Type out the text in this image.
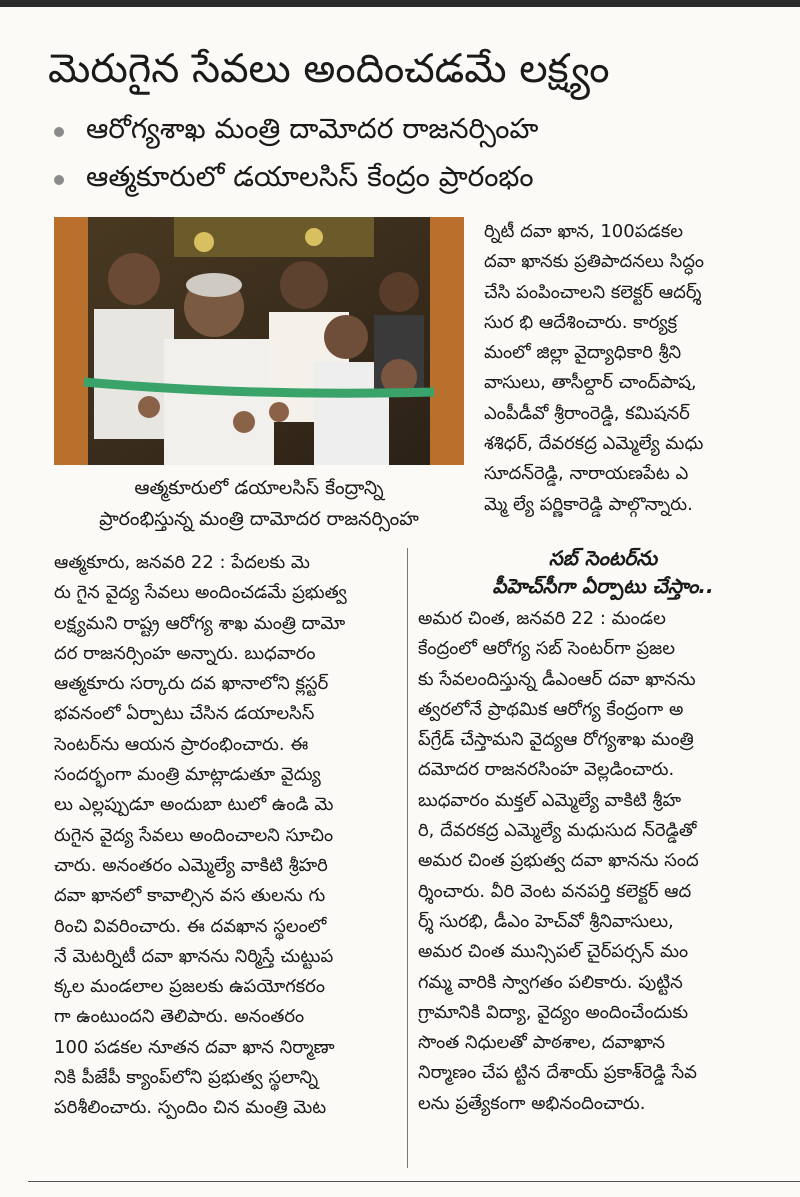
మెరుగైన సేవలు అందించడమే లక్ష్యం
ఆరోగ్యశాఖ మంత్రి దామోదర రాజనర్సింహ
ఆత్మకూరులో డయాలసిస్ కేంద్రం ప్రారంభం

ఆత్మకూరులో డయాలసిస్ కేంద్రాన్ని
ప్రారంభిస్తున్న మంత్రి దామోదర రాజనర్సింహ

ర్నిటీ దవా ఖాన, 100పడకల
దవా ఖానకు ప్రతిపాదనలు సిద్ధం
చేసి పంపించాలని కలెక్టర్ ఆదర్శ్
సుర భి ఆదేశించారు. కార్యక్ర
మంలో జిల్లా వైద్యాధికారి శ్రీని
వాసులు, తాసీల్దార్ చాంద్‌పాష,
ఎంపీడీవో శ్రీరాంరెడ్డి, కమిషనర్
శశిధర్, దేవరకద్ర ఎమ్మెల్యే మధు
సూదన్‌రెడ్డి, నారాయణపేట ఎ
మ్మె ల్యే పర్ణికారెడ్డి పాల్గొన్నారు.

సబ్ సెంటర్‌ను
పీహెచ్‌సీగా ఏర్పాటు చేస్తాం..

ఆత్మకూరు, జనవరి 22 : పేదలకు మె
రు గైన వైద్య సేవలు అందించడమే ప్రభుత్వ
లక్ష్యమని రాష్ట్ర ఆరోగ్య శాఖ మంత్రి దామో
దర రాజనర్సింహ అన్నారు. బుధవారం
ఆత్మకూరు సర్కారు దవ ఖానాలోని క్లస్టర్
భవనంలో ఏర్పాటు చేసిన డయాలసిస్
సెంటర్‌ను ఆయన ప్రారంభించారు. ఈ
సందర్భంగా మంత్రి మాట్లాడుతూ వైద్యు
లు ఎల్లప్పుడూ అందుబా టులో ఉండి మె
రుగైన వైద్య సేవలు అందించాలని సూచిం
చారు. అనంతరం ఎమ్మెల్యే వాకిటి శ్రీహరి
దవా ఖానలో కావాల్సిన వస తులను గు
రించి వివరించారు. ఈ దవఖాన స్థలంలో
నే మెటర్నిటీ దవా ఖానను నిర్మిస్తే చుట్టుప
క్కల మండలాల ప్రజలకు ఉపయోగకరం
గా ఉంటుందని తెలిపారు. అనంతరం
100 పడకల నూతన దవా ఖాన నిర్మాణా
నికి పీజేపీ క్యాంప్‌లోని ప్రభుత్వ స్థలాన్ని
పరిశీలించారు. స్పందిం చిన మంత్రి మెట

అమర చింత, జనవరి 22 : మండల
కేంద్రంలో ఆరోగ్య సబ్ సెంటర్‌గా ప్రజల
కు సేవలందిస్తున్న డీఎంఆర్ దవా ఖానను
త్వరలోనే ప్రాథమిక ఆరోగ్య కేంద్రంగా అ
ప్‌గ్రేడ్ చేస్తామని వైద్యఆ రోగ్యశాఖ మంత్రి
దమోదర రాజనరసింహ వెల్లడించారు.
బుధవారం మక్తల్ ఎమ్మెల్యే వాకిటి శ్రీహ
రి, దేవరకద్ర ఎమ్మెల్యే మధుసుద న్‌రెడ్డితో
అమర చింత ప్రభుత్వ దవా ఖానను సంద
ర్శించారు. వీరి వెంట వనపర్తి కలెక్టర్ ఆద
ర్శ్ సురభి, డీఎం హెచ్‌వో శ్రీనివాసులు,
అమర చింత మున్సిపల్ చైర్‌పర్సన్ మం
గమ్మ వారికి స్వాగతం పలికారు. పుట్టిన
గ్రామానికి విద్యా, వైద్యం అందించేందుకు
సొంత నిధులతో పాఠశాల, దవాఖాన
నిర్మాణం చేప ట్టిన దేశాయ్ ప్రకాశ్‌రెడ్డి సేవ
లను ప్రత్యేకంగా అభినందించారు.
